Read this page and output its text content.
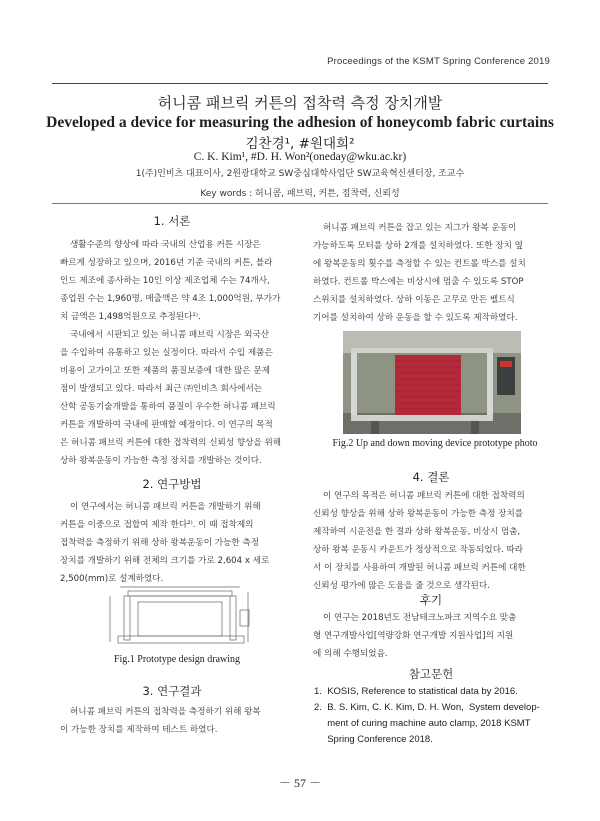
Proceedings of the KSMT Spring Conference 2019
허니콤 패브릭 커튼의 접착력 측정 장치개발
Developed a device for measuring the adhesion of honeycomb fabric curtains
김찬경¹, #원대희²
C. K. Kim¹, #D. H. Won²(oneday@wku.ac.kr)
1(주)인비츠 대표이사, 2원광대학교 SW중심대학사업단 SW교육혁신센터장, 조교수
Key words : 허니콤, 패브릭, 커튼, 접착력, 신뢰성
1. 서론
생활수준의 향상에 따라 국내의 산업용 커튼 시장은
빠르게 성장하고 있으며, 2016년 기준 국내의 커튼, 블라
인드 제조에 종사하는 10인 이상 제조업체 수는 74개사,
종업원 수는 1,960명, 매출액은 약 4조 1,000억원, 부가가
치 금액은 1,498억원으로 추정된다¹⁾.
국내에서 시판되고 있는 허니콤 패브릭 시장은 외국산
을 수입하여 유통하고 있는 실정이다. 따라서 수입 제품은
비용이 고가이고 또한 제품의 품질보증에 대한 많은 문제
점이 발생되고 있다. 따라서 최근 ㈜인비츠 회사에서는
산학 공동기술개발을 통하여 품질이 우수한 허니콤 패브릭
커튼을 개발하여 국내에 판매할 예정이다. 이 연구의 목적
은 허니콤 패브릭 커튼에 대한 접착력의 신뢰성 향상을 위해
상하 왕복운동이 가능한 측정 장치를 개발하는 것이다.
2. 연구방법
이 연구에서는 허니콤 패브릭 커튼을 개발하기 위해
커튼을 이중으로 접합여 제작 한다²⁾. 이 때 접착제의
접착력을 측정하기 위해 상하 왕복운동이 가능한 측정
장치를 개발하기 위해 전체의 크기를 가로 2,604 x 세로
2,500(mm)로 설계하였다.
Fig.1 Prototype design drawing
3. 연구결과
허니콤 패브릭 커튼의 접착력을 측정하기 위해 왕복
이 가능한 장치를 제작하여 테스트 하였다.
허니콤 패브릭 커튼을 잡고 있는 지그가 왕복 운동이
가능하도록 모터를 상하 2개를 설치하였다. 또한 장치 옆
에 왕복운동의 횟수를 측정할 수 있는 컨트롤 박스를 설치
하였다. 컨트롤 박스에는 비상시에 멈출 수 있도록 STOP
스위치를 설치하였다. 상하 이동은 고무로 만든 벨트식
기어를 설치하여 상하 운동을 할 수 있도록 제작하였다.
Fig.2 Up and down moving device prototype photo
4. 결론
이 연구의 목적은 허니콤 패브릭 커튼에 대한 접착력의
신뢰성 향상을 위해 상하 왕복운동이 가능한 측정 장치를
제작하여 시운전을 한 결과 상하 왕복운동, 비상시 멈춤,
상하 왕복 운동시 카운트가 정상적으로 작동되었다. 따라
서 이 장치를 사용하여 개발된 허니콤 패브릭 커튼에 대한
신뢰성 평가에 많은 도움을 줄 것으로 생각된다.
후기
이 연구는 2018년도 전남테크노파크 지역수요 맞춤
형 연구개발사업[역량강화 연구개발 지원사업]의 지원
에 의해 수행되었음.
참고문헌
1.  KOSIS, Reference to statistical data by 2016.
2.  B. S. Kim, C. K. Kim, D. H. Won,  System develop-
ment of curing machine auto clamp, 2018 KSMT
Spring Conference 2018.
－ 57 －
